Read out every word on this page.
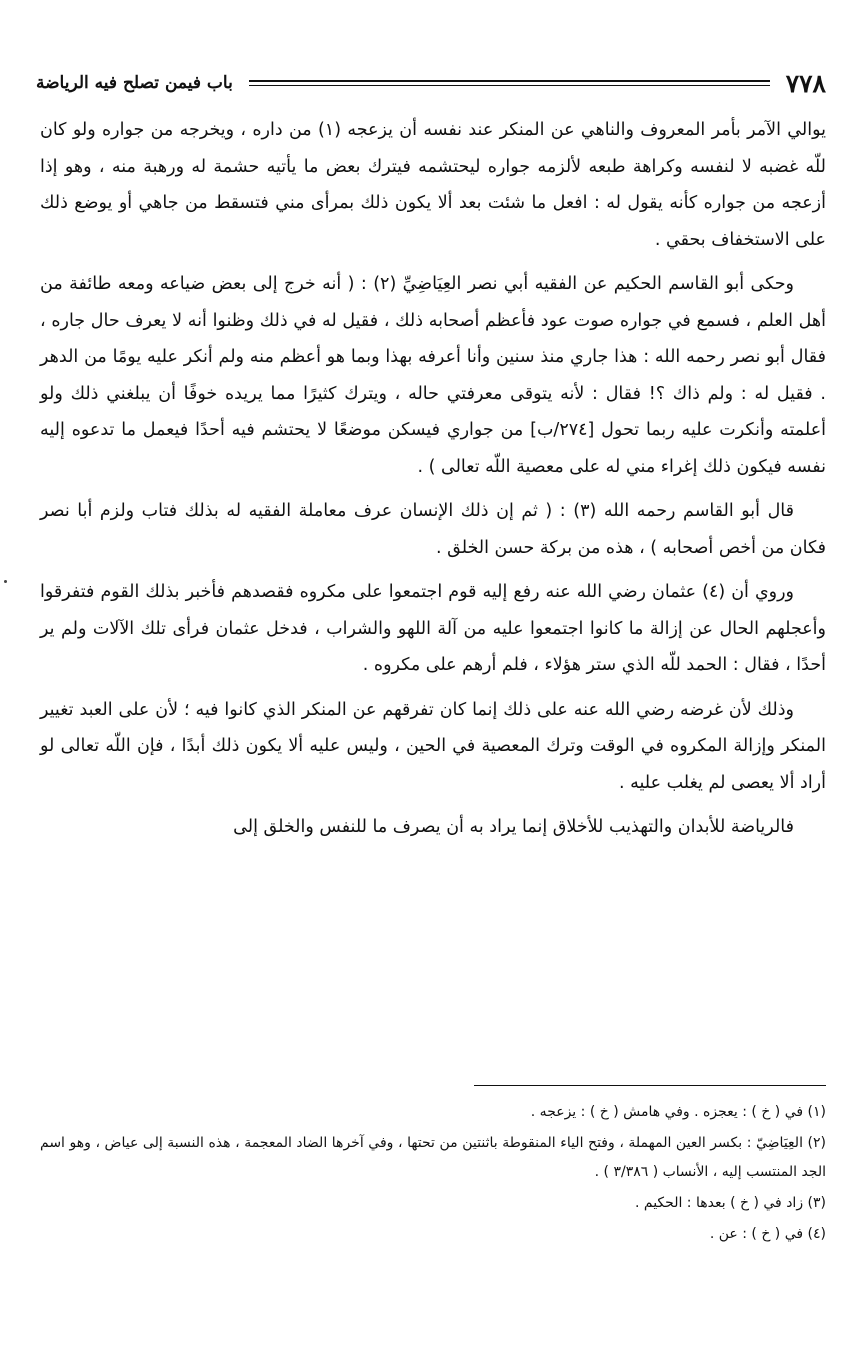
٧٧٨
باب فيمن تصلح فيه الرياضة

يوالي الآمر بأمر المعروف والناهي عن المنكر عند نفسه أن يزعجه (١) من داره ، ويخرجه من جواره ولو كان للّه غضبه لا لنفسه وكراهة طبعه لألزمه جواره ليحتشمه فيترك بعض ما يأتيه حشمة له ورهبة منه ، وهو إذا أزعجه من جواره كأنه يقول له : افعل ما شئت بعد ألا يكون ذلك بمرأى مني فتسقط من جاهي أو يوضع ذلك على الاستخفاف بحقي .

وحكى أبو القاسم الحكيم عن الفقيه أبي نصر العِيَاضِيِّ (٢) : ( أنه خرج إلى بعض ضياعه ومعه طائفة من أهل العلم ، فسمع في جواره صوت عود فأعظم أصحابه ذلك ، فقيل له في ذلك وظنوا أنه لا يعرف حال جاره ، فقال أبو نصر رحمه الله : هذا جاري منذ سنين وأنا أعرفه بهذا وبما هو أعظم منه ولم أنكر عليه يومًا من الدهر . فقيل له : ولم ذاك ؟! فقال : لأنه يتوقى معرفتي حاله ، ويترك كثيرًا مما يريده خوفًا أن يبلغني ذلك ولو أعلمته وأنكرت عليه ربما تحول [٢٧٤/ب] من جواري فيسكن موضعًا لا يحتشم فيه أحدًا فيعمل ما تدعوه إليه نفسه فيكون ذلك إغراء مني له على معصية اللّه تعالى ) .

قال أبو القاسم رحمه الله (٣) : ( ثم إن ذلك الإنسان عرف معاملة الفقيه له بذلك فتاب ولزم أبا نصر فكان من أخص أصحابه ) ، هذه من بركة حسن الخلق .

وروي أن (٤) عثمان رضي الله عنه رفع إليه قوم اجتمعوا على مكروه فقصدهم فأخبر بذلك القوم فتفرقوا وأعجلهم الحال عن إزالة ما كانوا اجتمعوا عليه من آلة اللهو والشراب ، فدخل عثمان فرأى تلك الآلات ولم ير أحدًا ، فقال : الحمد للّه الذي ستر هؤلاء ، فلم أرهم على مكروه .

وذلك لأن غرضه رضي الله عنه على ذلك إنما كان تفرقهم عن المنكر الذي كانوا فيه ؛ لأن على العبد تغيير المنكر وإزالة المكروه في الوقت وترك المعصية في الحين ، وليس عليه ألا يكون ذلك أبدًا ، فإن اللّه تعالى لو أراد ألا يعصى لم يغلب عليه .

فالرياضة للأبدان والتهذيب للأخلاق إنما يراد به أن يصرف ما للنفس والخلق إلى

(١) في ( خ ) : يعجزه . وفي هامش ( خ ) : يزعجه .
(٢) العِيَاضِيّ : بكسر العين المهملة ، وفتح الياء المنقوطة باثنتين من تحتها ، وفي آخرها الضاد المعجمة ، هذه النسبة إلى عياض ، وهو اسم الجد المنتسب إليه ، الأنساب ( ٣/٣٨٦ ) .
(٣) زاد في ( خ ) بعدها : الحكيم .
(٤) في ( خ ) : عن .
